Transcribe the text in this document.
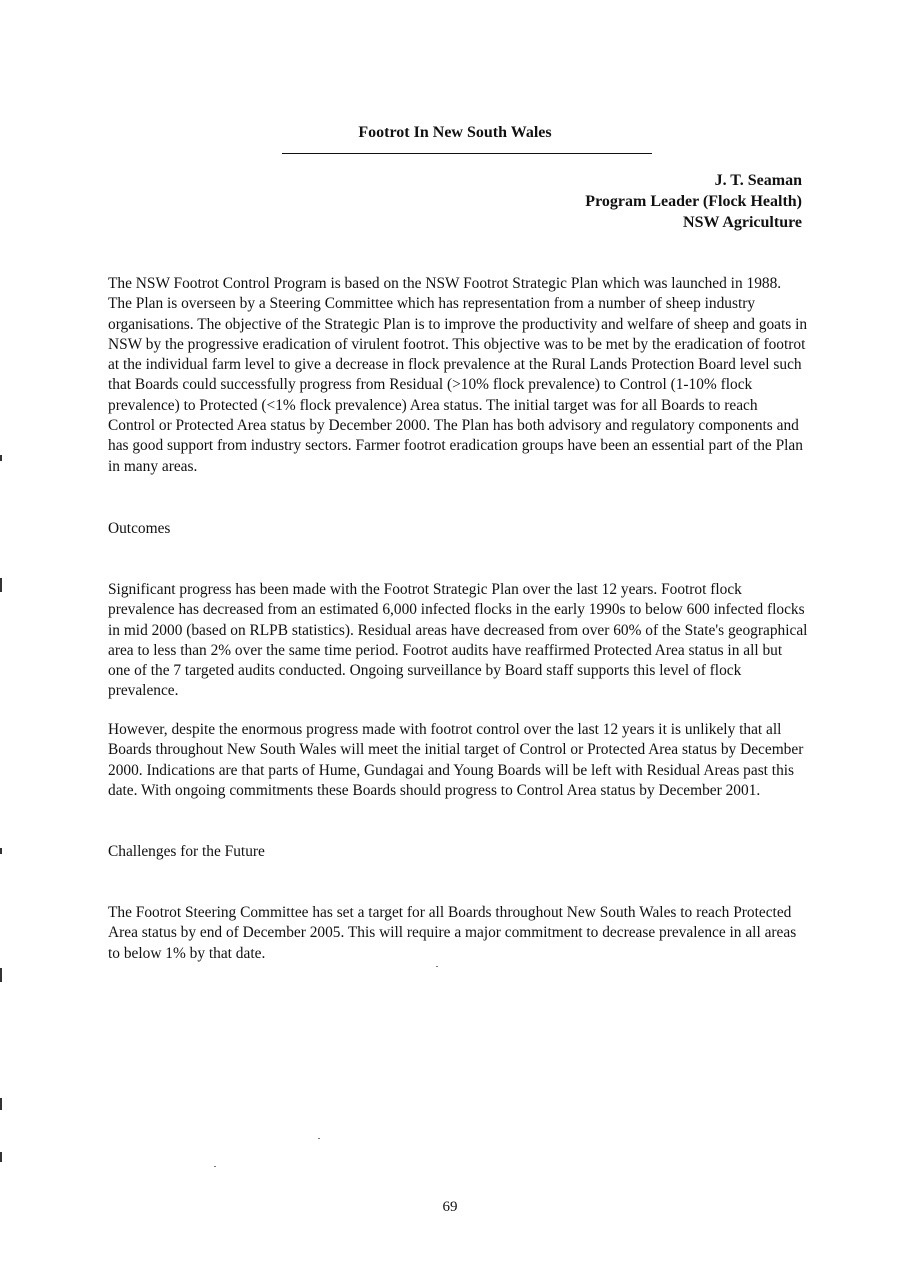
Footrot In New South Wales
J. T. Seaman
Program Leader (Flock Health)
NSW Agriculture

The NSW Footrot Control Program is based on the NSW Footrot Strategic Plan which was launched in 1988. The Plan is overseen by a Steering Committee which has representation from a number of sheep industry organisations. The objective of the Strategic Plan is to improve the productivity and welfare of sheep and goats in NSW by the progressive eradication of virulent footrot. This objective was to be met by the eradication of footrot at the individual farm level to give a decrease in flock prevalence at the Rural Lands Protection Board level such that Boards could successfully progress from Residual (>10% flock prevalence) to Control (1-10% flock prevalence) to Protected (<1% flock prevalence) Area status. The initial target was for all Boards to reach Control or Protected Area status by December 2000. The Plan has both advisory and regulatory components and has good support from industry sectors. Farmer footrot eradication groups have been an essential part of the Plan in many areas.

Outcomes

Significant progress has been made with the Footrot Strategic Plan over the last 12 years. Footrot flock prevalence has decreased from an estimated 6,000 infected flocks in the early 1990s to below 600 infected flocks in mid 2000 (based on RLPB statistics). Residual areas have decreased from over 60% of the State's geographical area to less than 2% over the same time period. Footrot audits have reaffirmed Protected Area status in all but one of the 7 targeted audits conducted. Ongoing surveillance by Board staff supports this level of flock prevalence.

However, despite the enormous progress made with footrot control over the last 12 years it is unlikely that all Boards throughout New South Wales will meet the initial target of Control or Protected Area status by December 2000. Indications are that parts of Hume, Gundagai and Young Boards will be left with Residual Areas past this date. With ongoing commitments these Boards should progress to Control Area status by December 2001.

Challenges for the Future

The Footrot Steering Committee has set a target for all Boards throughout New South Wales to reach Protected Area status by end of December 2005. This will require a major commitment to decrease prevalence in all areas to below 1% by that date.

69
